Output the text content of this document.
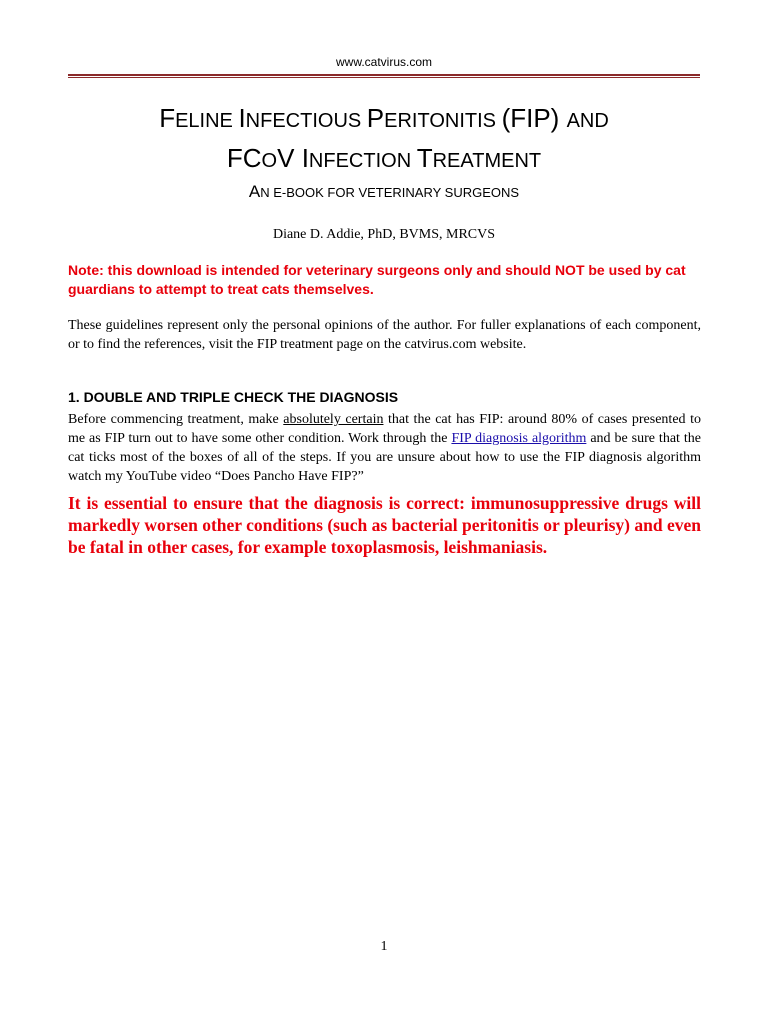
www.catvirus.com
FELINE INFECTIOUS PERITONITIS (FIP) AND
FCOV INFECTION TREATMENT
AN E-BOOK FOR VETERINARY SURGEONS
Diane D. Addie, PhD, BVMS, MRCVS

Note: this download is intended for veterinary surgeons only and should NOT be used by cat guardians to attempt to treat cats themselves.

These guidelines represent only the personal opinions of the author. For fuller explanations of each component, or to find the references, visit the FIP treatment page on the catvirus.com website.

1. DOUBLE AND TRIPLE CHECK THE DIAGNOSIS

Before commencing treatment, make absolutely certain that the cat has FIP: around 80% of cases presented to me as FIP turn out to have some other condition. Work through the FIP diagnosis algorithm and be sure that the cat ticks most of the boxes of all of the steps. If you are unsure about how to use the FIP diagnosis algorithm watch my YouTube video “Does Pancho Have FIP?”

It is essential to ensure that the diagnosis is correct: immunosuppressive drugs will markedly worsen other conditions (such as bacterial peritonitis or pleurisy) and even be fatal in other cases, for example toxoplasmosis, leishmaniasis.

1
